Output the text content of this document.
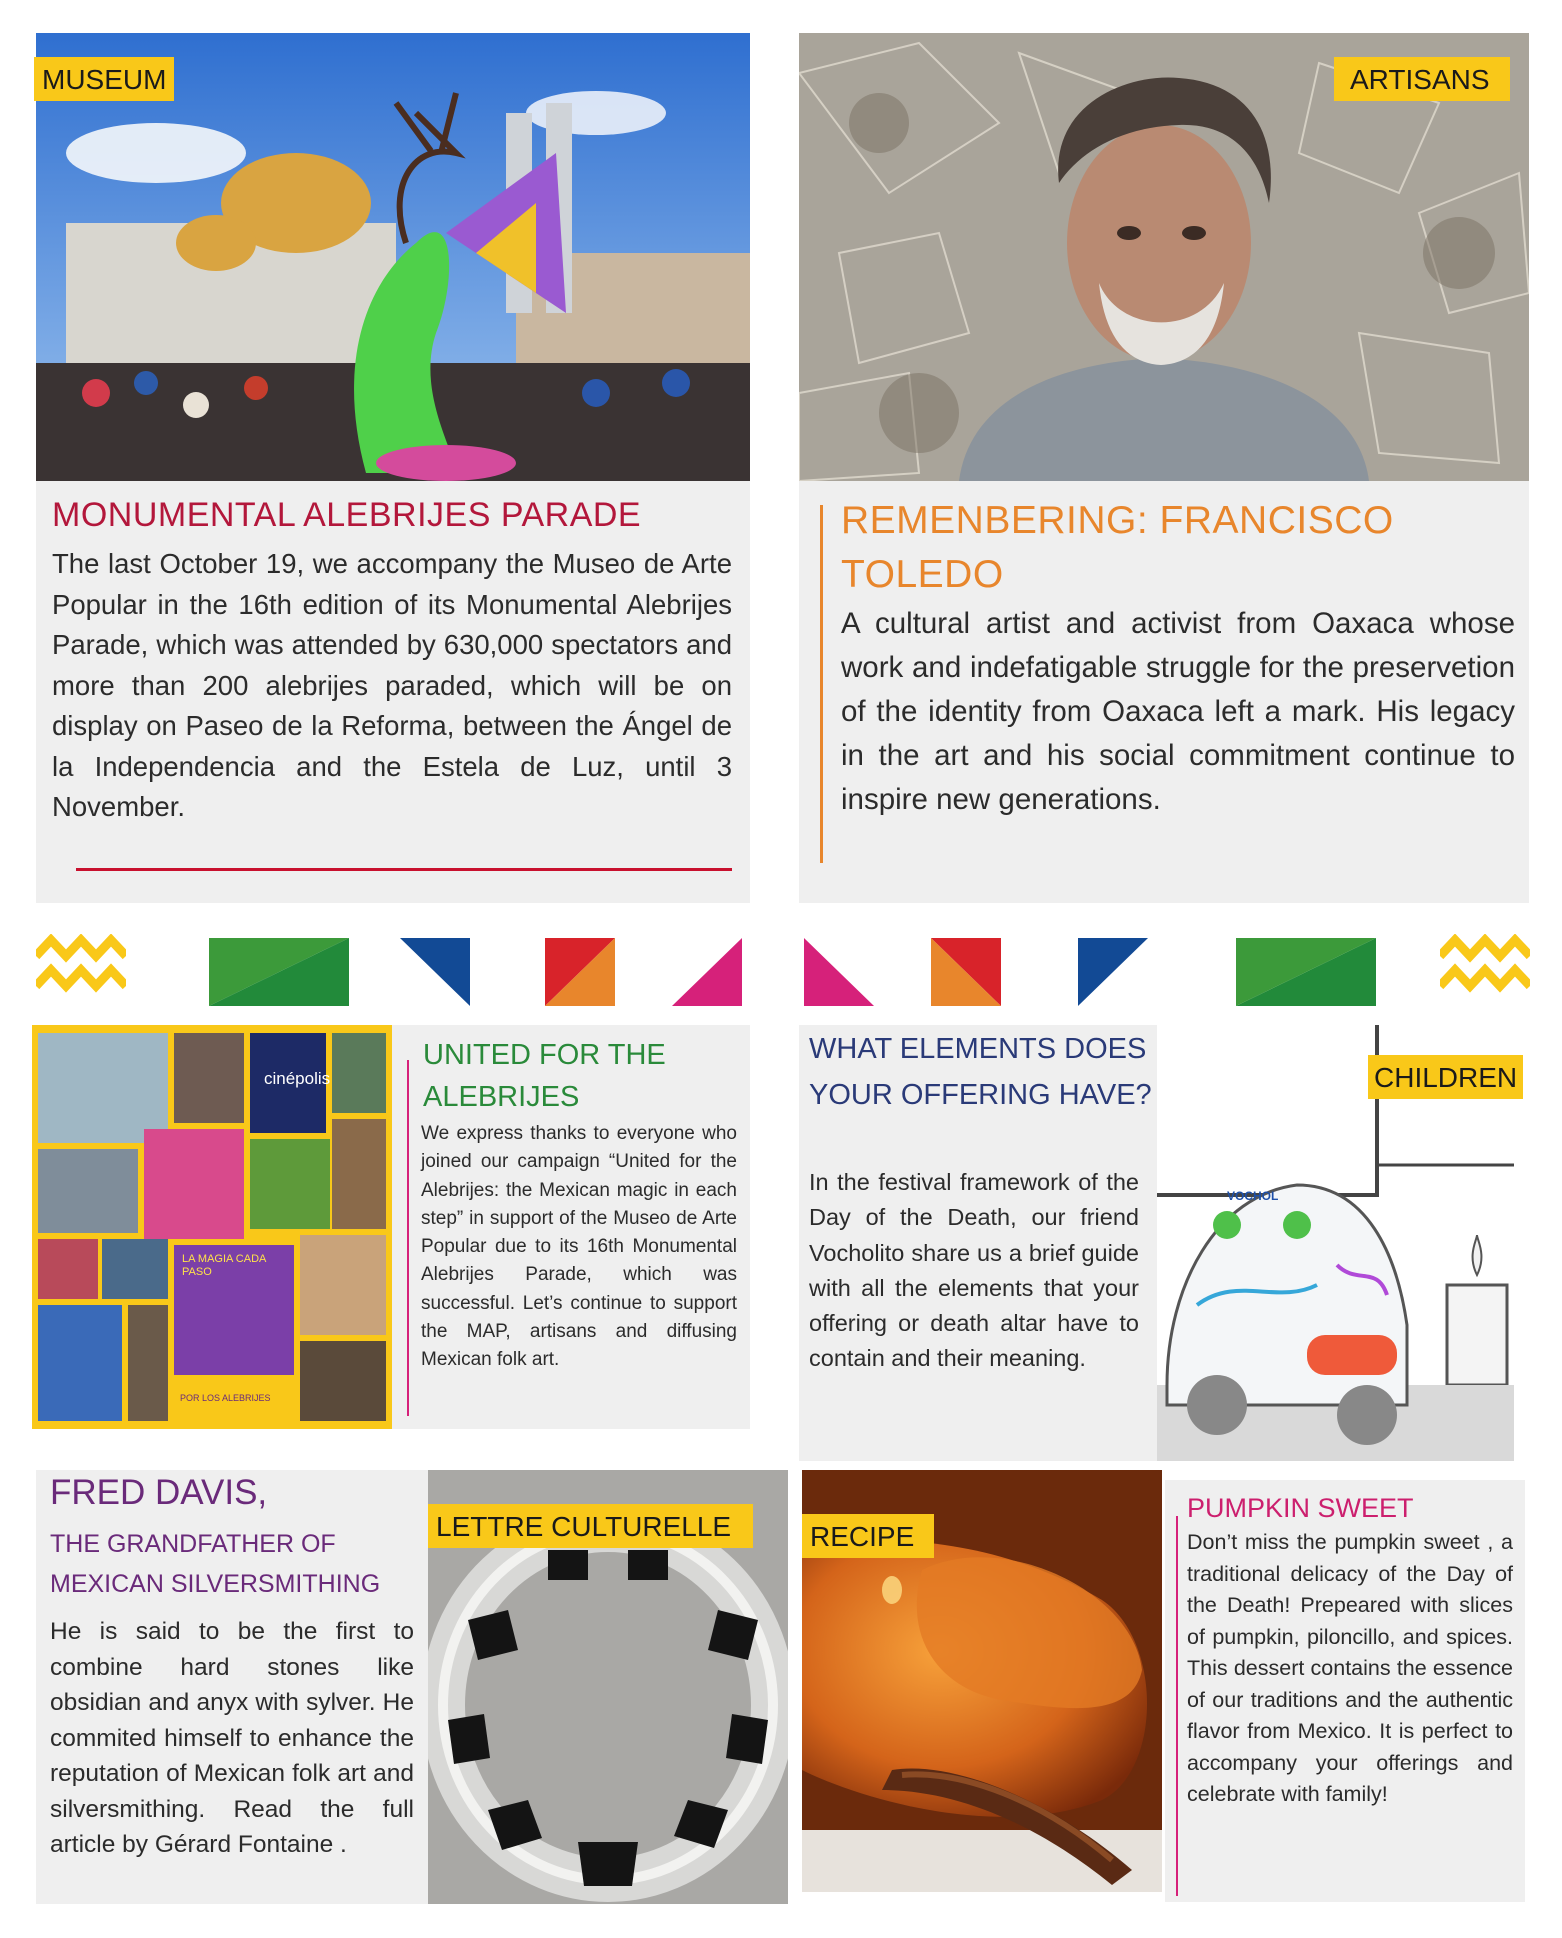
MUSEUM
MONUMENTAL ALEBRIJES PARADE
The last October 19, we accompany the Museo de Arte Popular in the 16th edition of its Monumental Alebrijes Parade, which was attended by 630,000 spectators and more than 200 alebrijes paraded, which will be on display on Paseo de la Reforma, between the Ángel de la Independencia and the Estela de Luz, until 3 November.
ARTISANS
REMENBERING: FRANCISCO TOLEDO
A cultural artist and activist from Oaxaca whose work and indefatigable struggle for the preservetion of the identity from Oaxaca left a mark. His legacy in the art and his social commitment continue to inspire new generations.
cinépolis
LA MAGIA CADA PASO
POR LOS ALEBRIJES
UNITED FOR THE ALEBRIJES
We express thanks to everyone who joined our campaign “United for the Alebrijes: the Mexican magic in each step” in support of the Museo de Arte Popular due to its 16th Monumental Alebrijes Parade, which was successful. Let’s continue to support the MAP, artisans and diffusing Mexican folk art.
VOCHOL
CHILDREN
WHAT ELEMENTS DOES YOUR OFFERING HAVE?
In the festival framework of the Day of the Death, our friend Vocholito share us a brief guide with all the elements that your offering or death altar have to contain and their meaning.
FRED DAVIS,
THE GRANDFATHER OF MEXICAN SILVERSMITHING
He is said to be the first to combine hard stones like obsidian and anyx with sylver. He commited himself to enhance the reputation of Mexican folk art and silversmithing. Read the full article by Gérard Fontaine .
LETTRE CULTURELLE	RECIPE
PUMPKIN SWEET
Don’t miss the pumpkin sweet , a traditional delicacy of the Day of the Death! Prepeared with slices of pumpkin, piloncillo, and spices. This dessert contains the essence of our traditions and the authentic flavor from Mexico. It is perfect to accompany your offerings and celebrate with family!
